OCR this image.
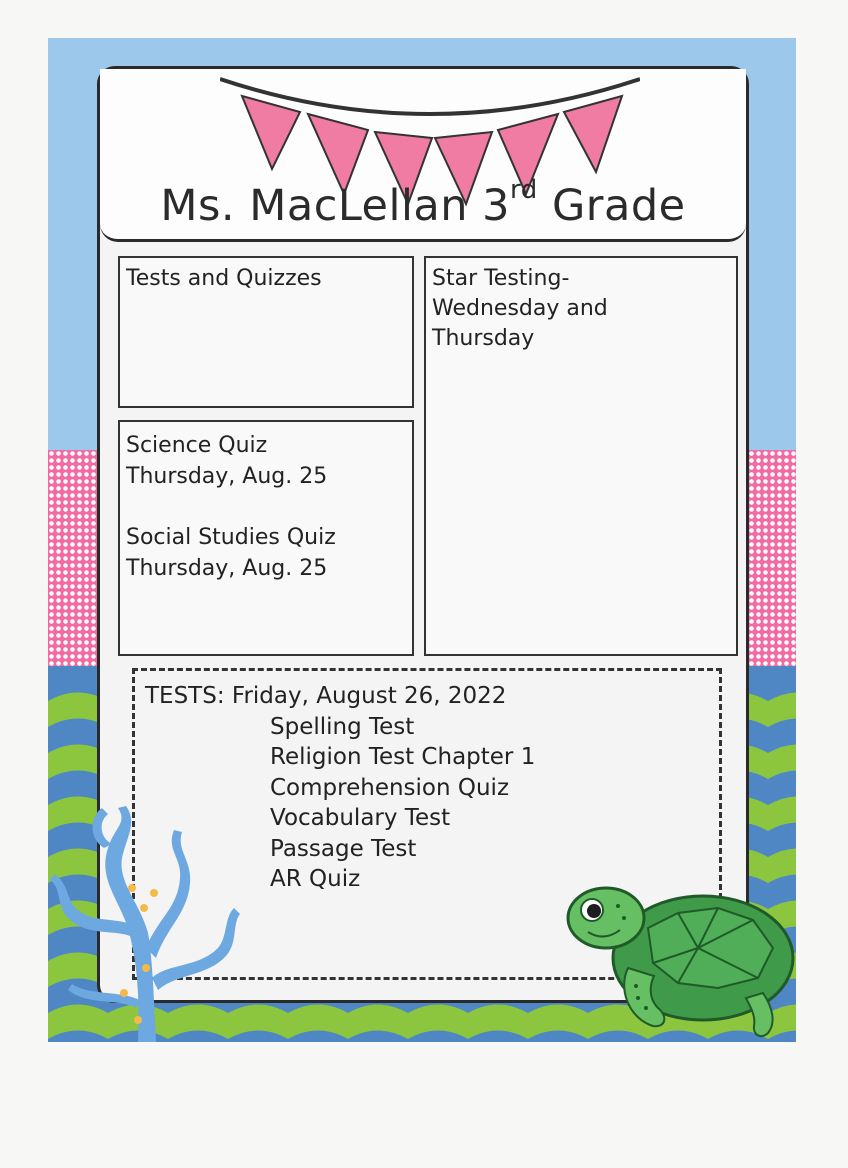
Ms. MacLellan 3rd Grade

Tests and Quizzes

Science Quiz

Thursday, Aug. 25

Social Studies Quiz

Thursday, Aug. 25

Star Testing-

Wednesday and

Thursday

TESTS: Friday, August 26, 2022
Spelling Test
Religion Test Chapter 1
Comprehension Quiz
Vocabulary Test
Passage Test
AR Quiz
